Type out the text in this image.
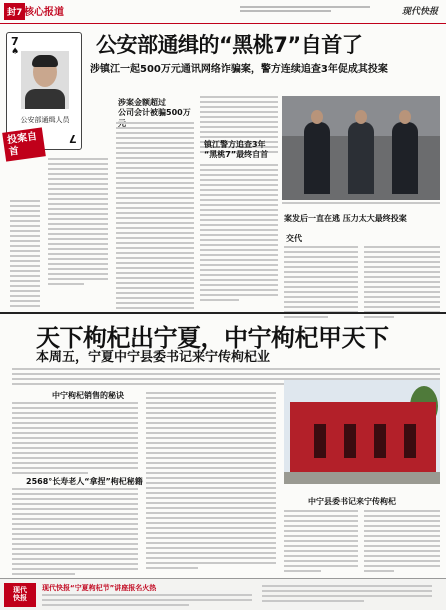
封7 核心报道	现代快报
7
♠
公安部通缉人员
7
投案自首
公安部通缉的“黑桃7”自首了
涉镇江一起500万元通讯网络诈骗案，警方连续追查3年促成其投案
涉案金额超过
公司会计被骗500万
镇江警方追查3年
“黑桃7”最终自首
交代
案发后一直在逃 压力太大最终投案
天下枸杞出宁夏，中宁枸杞甲天下
本周五，宁夏中宁县委书记来宁传枸杞业
中宁枸杞销售的秘诀
2568°长寿老人“拿捏”枸杞秘籍
中宁县委书记来宁传枸杞
现代
快报
现代快报“宁夏枸杞节”讲座报名火热
